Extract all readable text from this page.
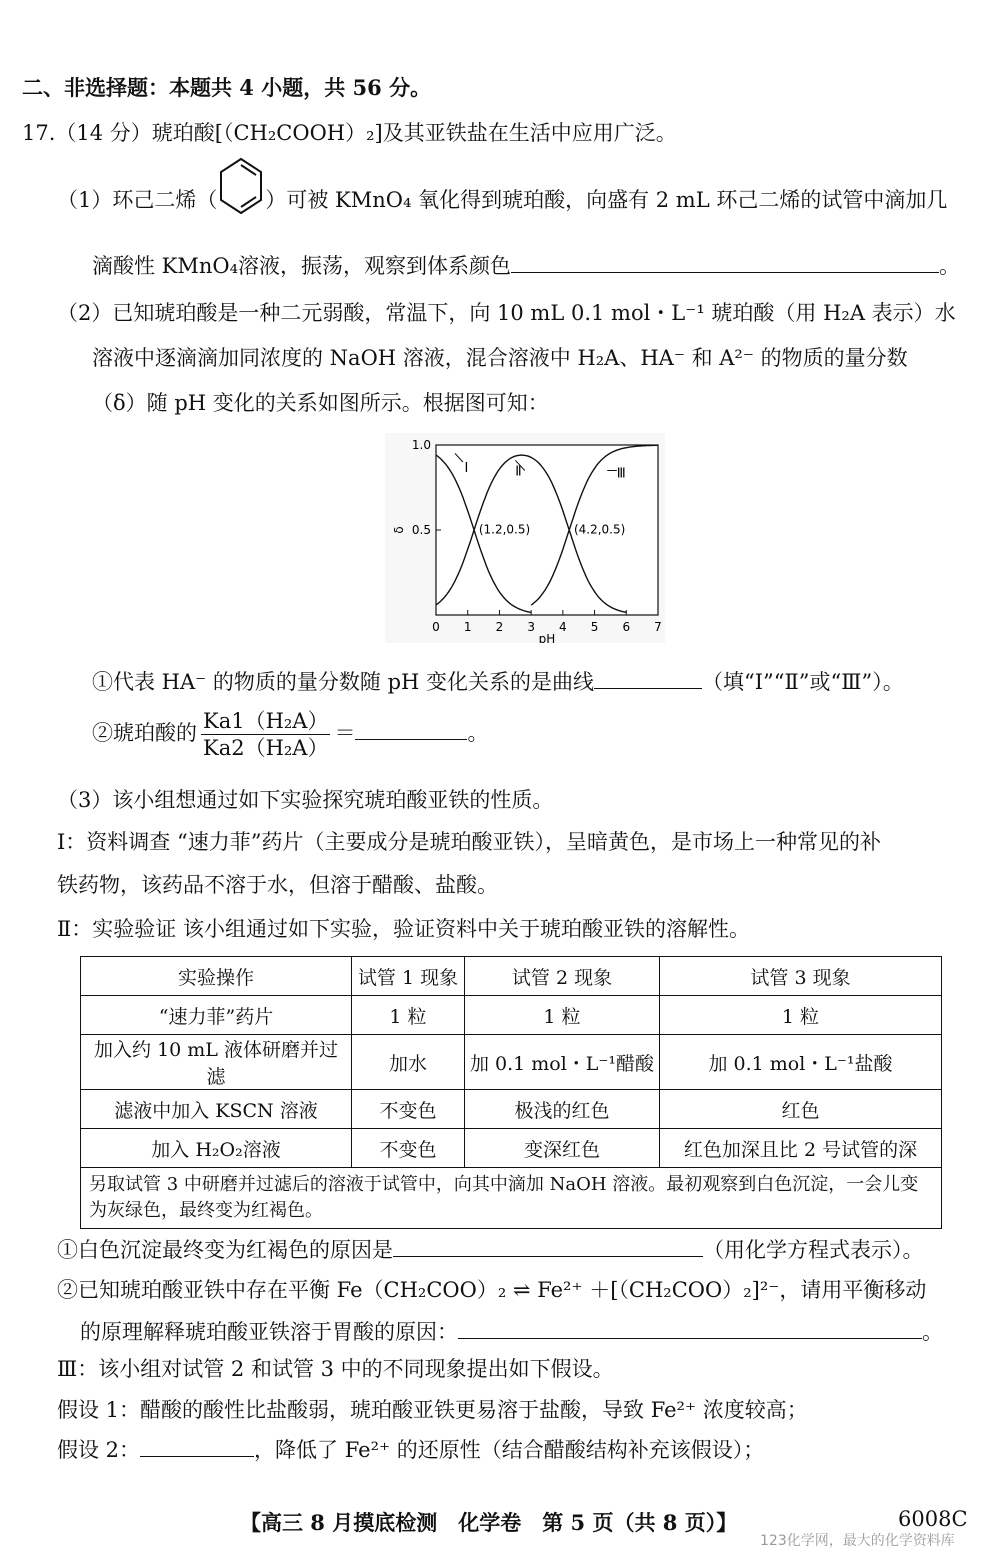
二、非选择题：本题共 4 小题，共 56 分。
17.（14 分）琥珀酸[（CH₂COOH）₂]及其亚铁盐在生活中应用广泛。
（1）环己二烯（ ）可被 KMnO₄ 氧化得到琥珀酸，向盛有 2 mL 环己二烯的试管中滴加几
滴酸性 KMnO₄溶液，振荡，观察到体系颜色	。
（2）已知琥珀酸是一种二元弱酸，常温下，向 10 mL 0.1 mol・L⁻¹ 琥珀酸（用 H₂A 表示）水
溶液中逐滴滴加同浓度的 NaOH 溶液，混合溶液中 H₂A、HA⁻ 和 A²⁻ 的物质的量分数
（δ）随 pH 变化的关系如图所示。根据图可知：
0 1 2 3 4 5 6 7
0.5
1.0
pH
δ
Ⅰ	Ⅱ	Ⅲ
(1.2,0.5)	(4.2,0.5)
①代表 HA⁻ 的物质的量分数随 pH 变化关系的是曲线	（填“Ⅰ”“Ⅱ”或“Ⅲ”）。
②琥珀酸的 $\frac{\text{Ka1（H₂A）}}{\text{Ka2（H₂A）}}$ ＝	。
（3）该小组想通过如下实验探究琥珀酸亚铁的性质。
Ⅰ：资料调查 “速力菲”药片（主要成分是琥珀酸亚铁），呈暗黄色，是市场上一种常见的补
铁药物，该药品不溶于水，但溶于醋酸、盐酸。
Ⅱ：实验验证 该小组通过如下实验，验证资料中关于琥珀酸亚铁的溶解性。
实验操作	试管 1 现象	试管 2 现象	试管 3 现象
“速力菲”药片	1 粒	1 粒	1 粒
加入约 10 mL 液体研磨并过滤	加水	加 0.1 mol・L⁻¹醋酸	加 0.1 mol・L⁻¹盐酸
滤液中加入 KSCN 溶液	不变色	极浅的红色	红色
加入 H₂O₂溶液	不变色	变深红色	红色加深且比 2 号试管的深
另取试管 3 中研磨并过滤后的溶液于试管中，向其中滴加 NaOH 溶液。最初观察到白色沉淀，一会儿变为灰绿色，最终变为红褐色。			
①白色沉淀最终变为红褐色的原因是	（用化学方程式表示）。
②已知琥珀酸亚铁中存在平衡 Fe（CH₂COO）₂ ⇌ Fe²⁺ ＋[（CH₂COO）₂]²⁻，请用平衡移动
的原理解释琥珀酸亚铁溶于胃酸的原因：	。
Ⅲ：该小组对试管 2 和试管 3 中的不同现象提出如下假设。
假设 1：醋酸的酸性比盐酸弱，琥珀酸亚铁更易溶于盐酸，导致 Fe²⁺ 浓度较高；
假设 2：	，降低了 Fe²⁺ 的还原性（结合醋酸结构补充该假设）；
【高三 8 月摸底检测　化学卷　第 5 页（共 8 页）】	6008C
123化学网，最大的化学资料库
